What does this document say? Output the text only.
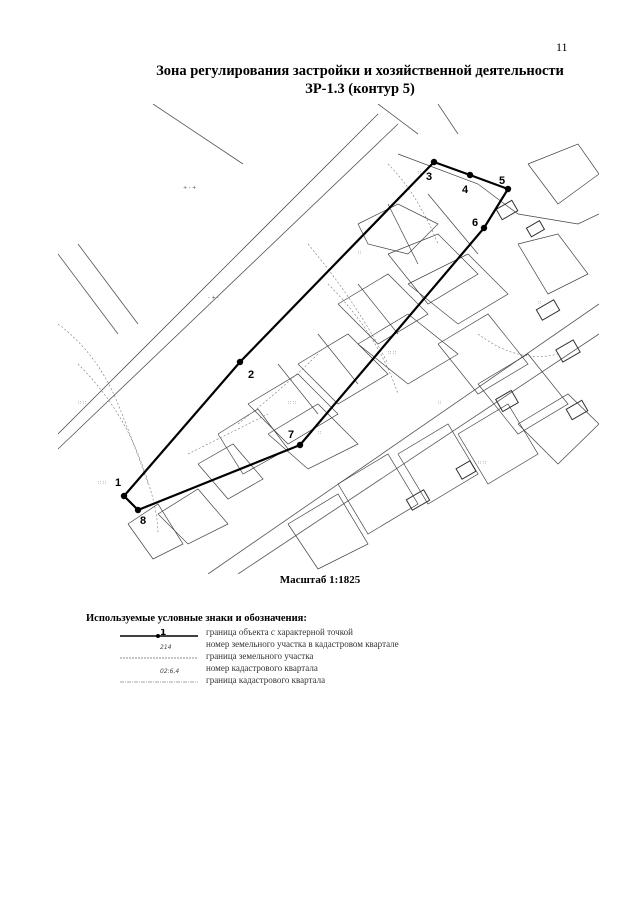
11
Зона регулирования застройки и хозяйственной деятельности
ЗР-1.3 (контур 5)
+ - +
- + -
∷ ∷
∷ ∷
∷
∷ ∷
∷
∷ ∷
∷
∷
∷ ∷
∷
1
2
3
4
5
6
7
8
Масштаб 1:1825
Используемые условные знаки и обозначения:
1	граница объекта с характерной точкой
214	номер земельного участка в кадастровом квартале
граница земельного участка
02:6,4	номер кадастрового квартала
граница кадастрового квартала
